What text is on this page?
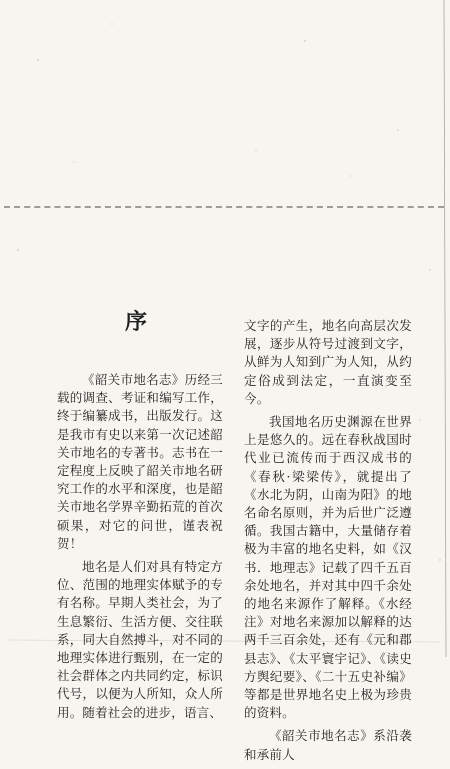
序

《韶关市地名志》历经三载的调查、考证和编写工作，终于编纂成书，出版发行。这是我市有史以来第一次记述韶关市地名的专著书。志书在一定程度上反映了韶关市地名研究工作的水平和深度，也是韶关市地名学界辛勤拓荒的首次硕果，对它的问世，谨表祝贺！

地名是人们对具有特定方位、范围的地理实体赋予的专有名称。早期人类社会，为了生息繁衍、生活方便、交往联系，同大自然搏斗，对不同的地理实体进行甄别，在一定的社会群体之内共同约定，标识代号，以便为人所知，众人所用。随着社会的进步，语言、

文字的产生，地名向高层次发展，逐步从符号过渡到文字，从鲜为人知到广为人知，从约定俗成到法定，一直演变至今。

我国地名历史渊源在世界上是悠久的。远在春秋战国时代业已流传而于西汉成书的《春秋·梁梁传》，就提出了《水北为阴，山南为阳》的地名命名原则，并为后世广泛遵循。我国古籍中，大量储存着极为丰富的地名史料，如《汉书．地理志》记载了四千五百余处地名，并对其中四千余处的地名来源作了解释。《水经注》对地名来源加以解释的达两千三百余处，还有《元和郡县志》、《太平寰宇记》、《读史方舆纪要》、《二十五史补编》等都是世界地名史上极为珍贵的资料。

《韶关市地名志》系沿袭和承前人
